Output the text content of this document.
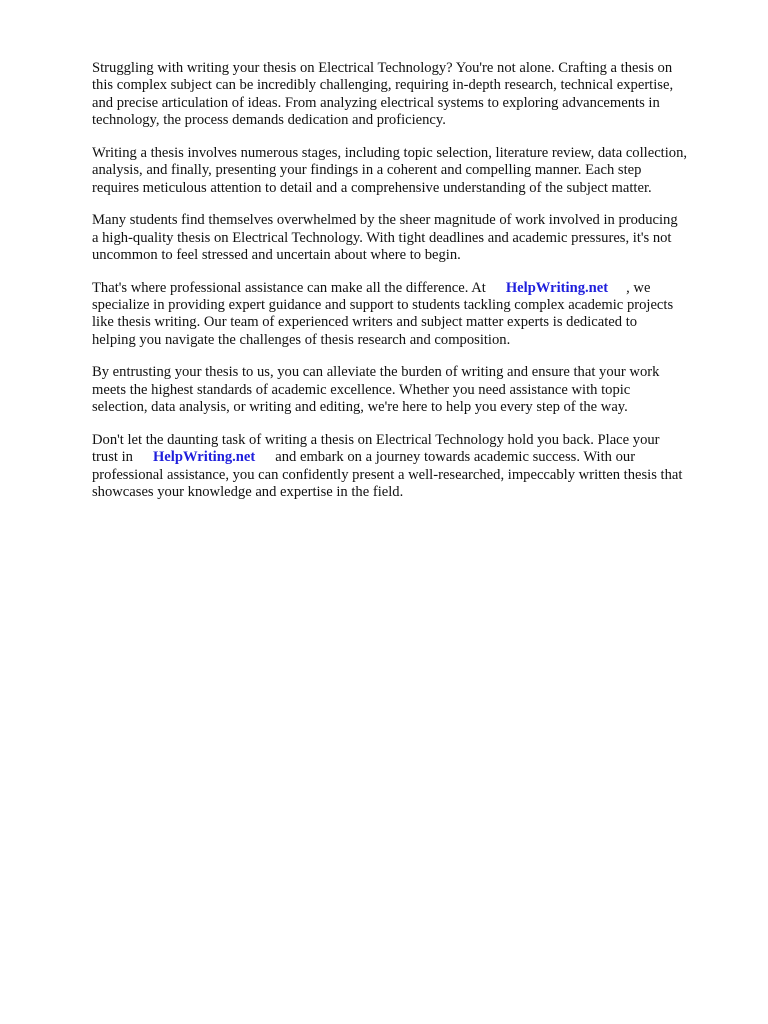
Struggling with writing your thesis on Electrical Technology? You're not alone. Crafting a thesis on
this complex subject can be incredibly challenging, requiring in-depth research, technical expertise,
and precise articulation of ideas. From analyzing electrical systems to exploring advancements in
technology, the process demands dedication and proficiency.

Writing a thesis involves numerous stages, including topic selection, literature review, data collection,
analysis, and finally, presenting your findings in a coherent and compelling manner. Each step
requires meticulous attention to detail and a comprehensive understanding of the subject matter.

Many students find themselves overwhelmed by the sheer magnitude of work involved in producing
a high-quality thesis on Electrical Technology. With tight deadlines and academic pressures, it's not
uncommon to feel stressed and uncertain about where to begin.

That's where professional assistance can make all the difference. At HelpWriting.net , we
specialize in providing expert guidance and support to students tackling complex academic projects
like thesis writing. Our team of experienced writers and subject matter experts is dedicated to
helping you navigate the challenges of thesis research and composition.

By entrusting your thesis to us, you can alleviate the burden of writing and ensure that your work
meets the highest standards of academic excellence. Whether you need assistance with topic
selection, data analysis, or writing and editing, we're here to help you every step of the way.

Don't let the daunting task of writing a thesis on Electrical Technology hold you back. Place your
trust in HelpWriting.net and embark on a journey towards academic success. With our
professional assistance, you can confidently present a well-researched, impeccably written thesis that
showcases your knowledge and expertise in the field.
